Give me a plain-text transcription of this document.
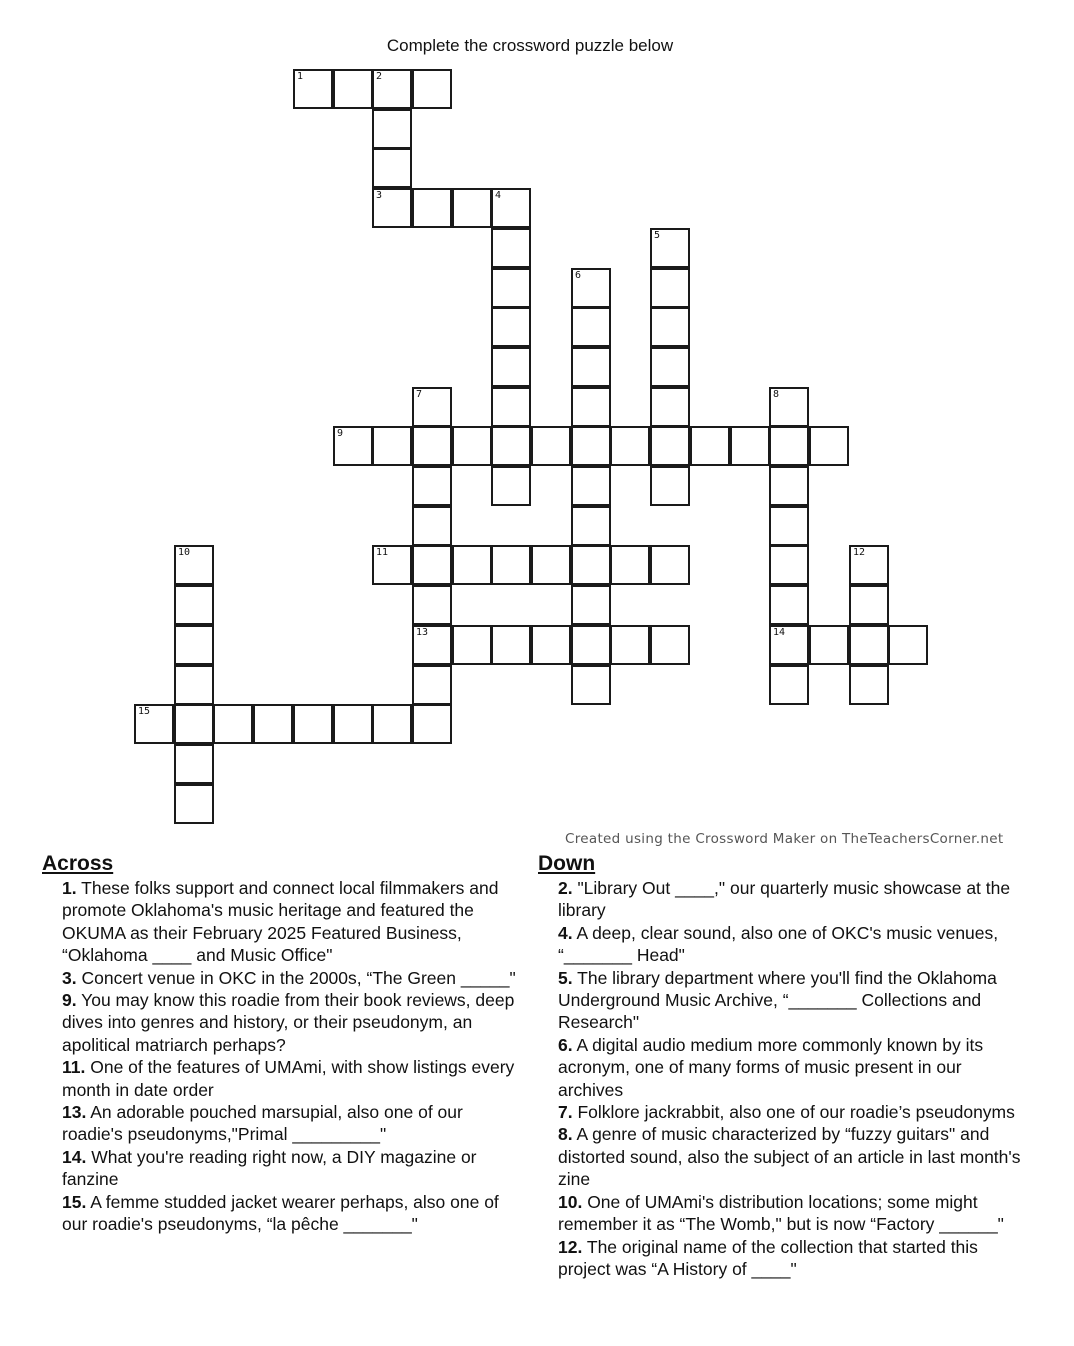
Complete the crossword puzzle below
1	2
3	4
5
6
7
13
8
14
9
10	11	12
15
Created using the Crossword Maker on TheTeachersCorner.net
Across	Down

1. These folks support and connect local filmmakers and promote Oklahoma's music heritage and featured the OKUMA as their February 2025 Featured Business, “Oklahoma ____ and Music Office"

3. Concert venue in OKC in the 2000s, “The Green _____"

9. You may know this roadie from their book reviews, deep dives into genres and history, or their pseudonym, an apolitical matriarch perhaps?

11. One of the features of UMAmi, with show listings every month in date order

13. An adorable pouched marsupial, also one of our roadie's pseudonyms,"Primal _________"

14. What you're reading right now, a DIY magazine or fanzine

15. A femme studded jacket wearer perhaps, also one of our roadie's pseudonyms, “la pêche _______"

2. "Library Out ____," our quarterly music showcase at the library

4. A deep, clear sound, also one of OKC's music venues, “_______ Head"

5. The library department where you'll find the Oklahoma Underground Music Archive, “_______ Collections and Research"

6. A digital audio medium more commonly known by its acronym, one of many forms of music present in our archives

7. Folklore jackrabbit, also one of our roadie’s pseudonyms

8. A genre of music characterized by “fuzzy guitars" and distorted sound, also the subject of an article in last month's zine

10. One of UMAmi's distribution locations; some might remember it as “The Womb," but is now “Factory ______"

12. The original name of the collection that started this project was “A History of ____"
